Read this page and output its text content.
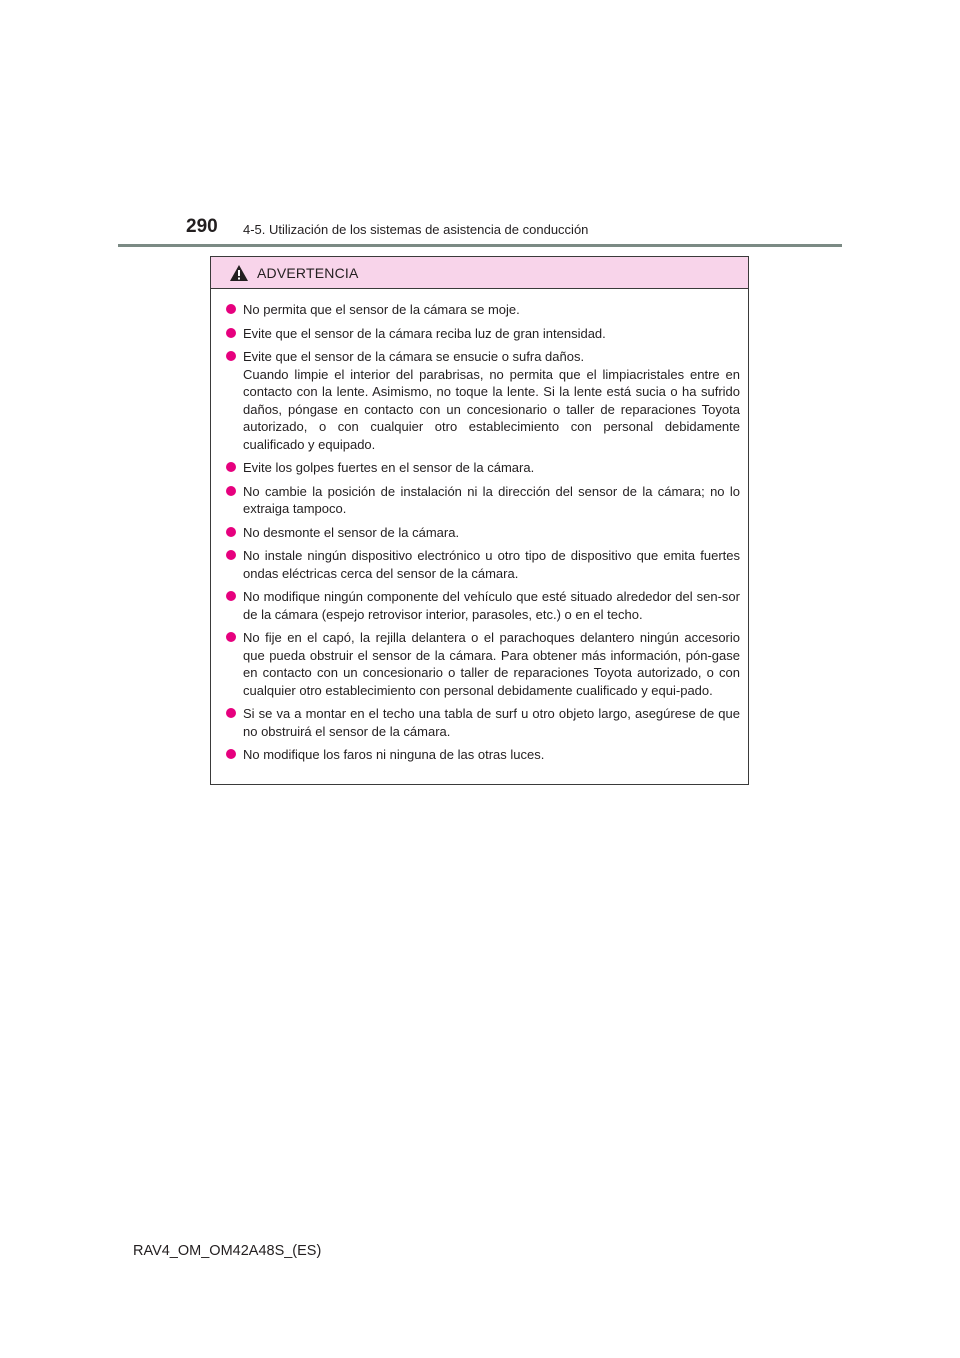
290 4-5. Utilización de los sistemas de asistencia de conducción
ADVERTENCIA
No permita que el sensor de la cámara se moje.
Evite que el sensor de la cámara reciba luz de gran intensidad.
Evite que el sensor de la cámara se ensucie o sufra daños.
Cuando limpie el interior del parabrisas, no permita que el limpiacristales entre en contacto con la lente. Asimismo, no toque la lente. Si la lente está sucia o ha sufrido daños, póngase en contacto con un concesionario o taller de reparaciones Toyota autorizado, o con cualquier otro establecimiento con personal debidamente cualificado y equipado.
Evite los golpes fuertes en el sensor de la cámara.
No cambie la posición de instalación ni la dirección del sensor de la cámara; no lo extraiga tampoco.
No desmonte el sensor de la cámara.
No instale ningún dispositivo electrónico u otro tipo de dispositivo que emita fuertes ondas eléctricas cerca del sensor de la cámara.
No modifique ningún componente del vehículo que esté situado alrededor del sen-sor de la cámara (espejo retrovisor interior, parasoles, etc.) o en el techo.
No fije en el capó, la rejilla delantera o el parachoques delantero ningún accesorio que pueda obstruir el sensor de la cámara. Para obtener más información, pón-gase en contacto con un concesionario o taller de reparaciones Toyota autorizado, o con cualquier otro establecimiento con personal debidamente cualificado y equi-pado.
Si se va a montar en el techo una tabla de surf u otro objeto largo, asegúrese de que no obstruirá el sensor de la cámara.
No modifique los faros ni ninguna de las otras luces.
RAV4_OM_OM42A48S_(ES)
